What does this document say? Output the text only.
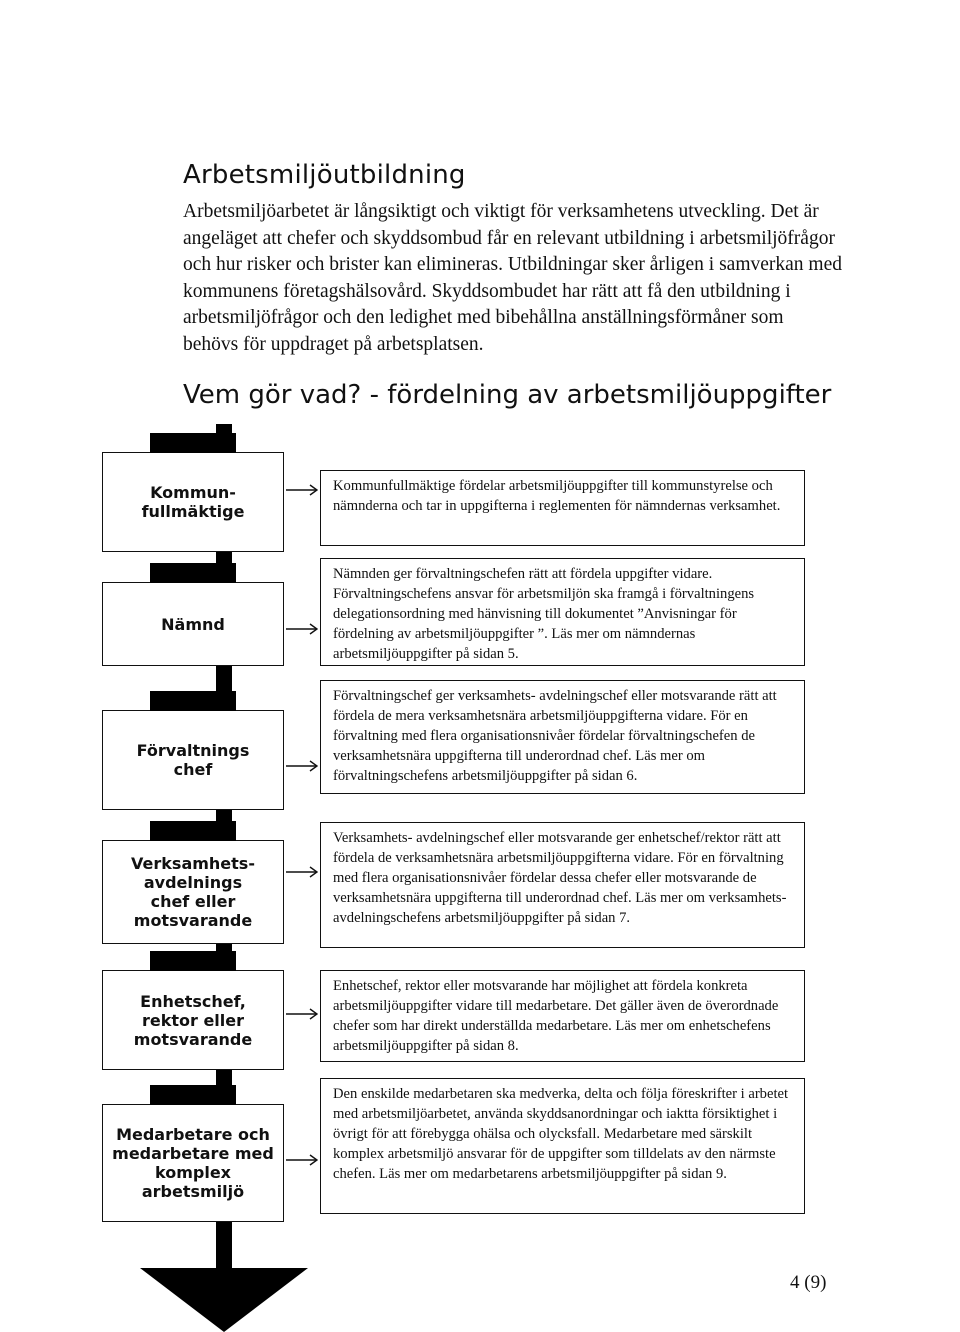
Arbetsmiljöutbildning

Arbetsmiljöarbetet är långsiktigt och viktigt för verksamhetens utveckling. Det är angeläget att chefer och skyddsombud får en relevant utbildning i arbetsmiljöfrågor och hur risker och brister kan elimineras. Utbildningar sker årligen i samverkan med kommunens företagshälsovård. Skyddsombudet har rätt att få den utbildning i arbetsmiljöfrågor och den ledighet med bibehållna anställningsförmåner som behövs för uppdraget på arbetsplatsen.

Vem gör vad? - fördelning av arbetsmiljöuppgifter
Kommun-
fullmäktige
Kommunfullmäktige fördelar arbetsmiljöuppgifter till kommunstyrelse och nämnderna och tar in uppgifterna i reglementen för nämndernas verksamhet.
Nämnd
Nämnden ger förvaltningschefen rätt att fördela uppgifter vidare. Förvaltningschefens ansvar för arbetsmiljön ska framgå i förvaltningens delegationsordning med hänvisning till dokumentet ”Anvisningar för fördelning av arbetsmiljöuppgifter ”. Läs mer om nämndernas arbetsmiljöuppgifter på sidan 5.
Förvaltnings
chef
Förvaltningschef ger verksamhets- avdelningschef eller motsvarande rätt att fördela de mera verksamhetsnära arbetsmiljöuppgifterna vidare. För en förvaltning med flera organisationsnivåer fördelar förvaltningschefen de verksamhetsnära uppgifterna till underordnad chef. Läs mer om förvaltningschefens arbetsmiljöuppgifter på sidan 6.
Verksamhets-
avdelnings
chef eller
motsvarande
Verksamhets- avdelningschef eller motsvarande ger enhetschef/rektor rätt att fördela de verksamhetsnära arbetsmiljöuppgifterna vidare. För en förvaltning med flera organisationsnivåer fördelar dessa chefer eller motsvarande de verksamhetsnära uppgifterna till underordnad chef. Läs mer om verksamhets- avdelningschefens arbetsmiljöuppgifter på sidan 7.
Enhetschef,
rektor eller
motsvarande
Enhetschef, rektor eller motsvarande har möjlighet att fördela konkreta arbetsmiljöuppgifter vidare till medarbetare. Det gäller även de överordnade chefer som har direkt underställda medarbetare. Läs mer om enhetschefens arbetsmiljöuppgifter på sidan 8.
Medarbetare och
medarbetare med
komplex
arbetsmiljö
Den enskilde medarbetaren ska medverka, delta och följa föreskrifter i arbetet med arbetsmiljöarbetet, använda skyddsanordningar och iaktta försiktighet i övrigt för att förebygga ohälsa och olycksfall. Medarbetare med särskilt komplex arbetsmiljö ansvarar för de uppgifter som tilldelats av den närmste chefen. Läs mer om medarbetarens arbetsmiljöuppgifter på sidan 9.
4 (9)
